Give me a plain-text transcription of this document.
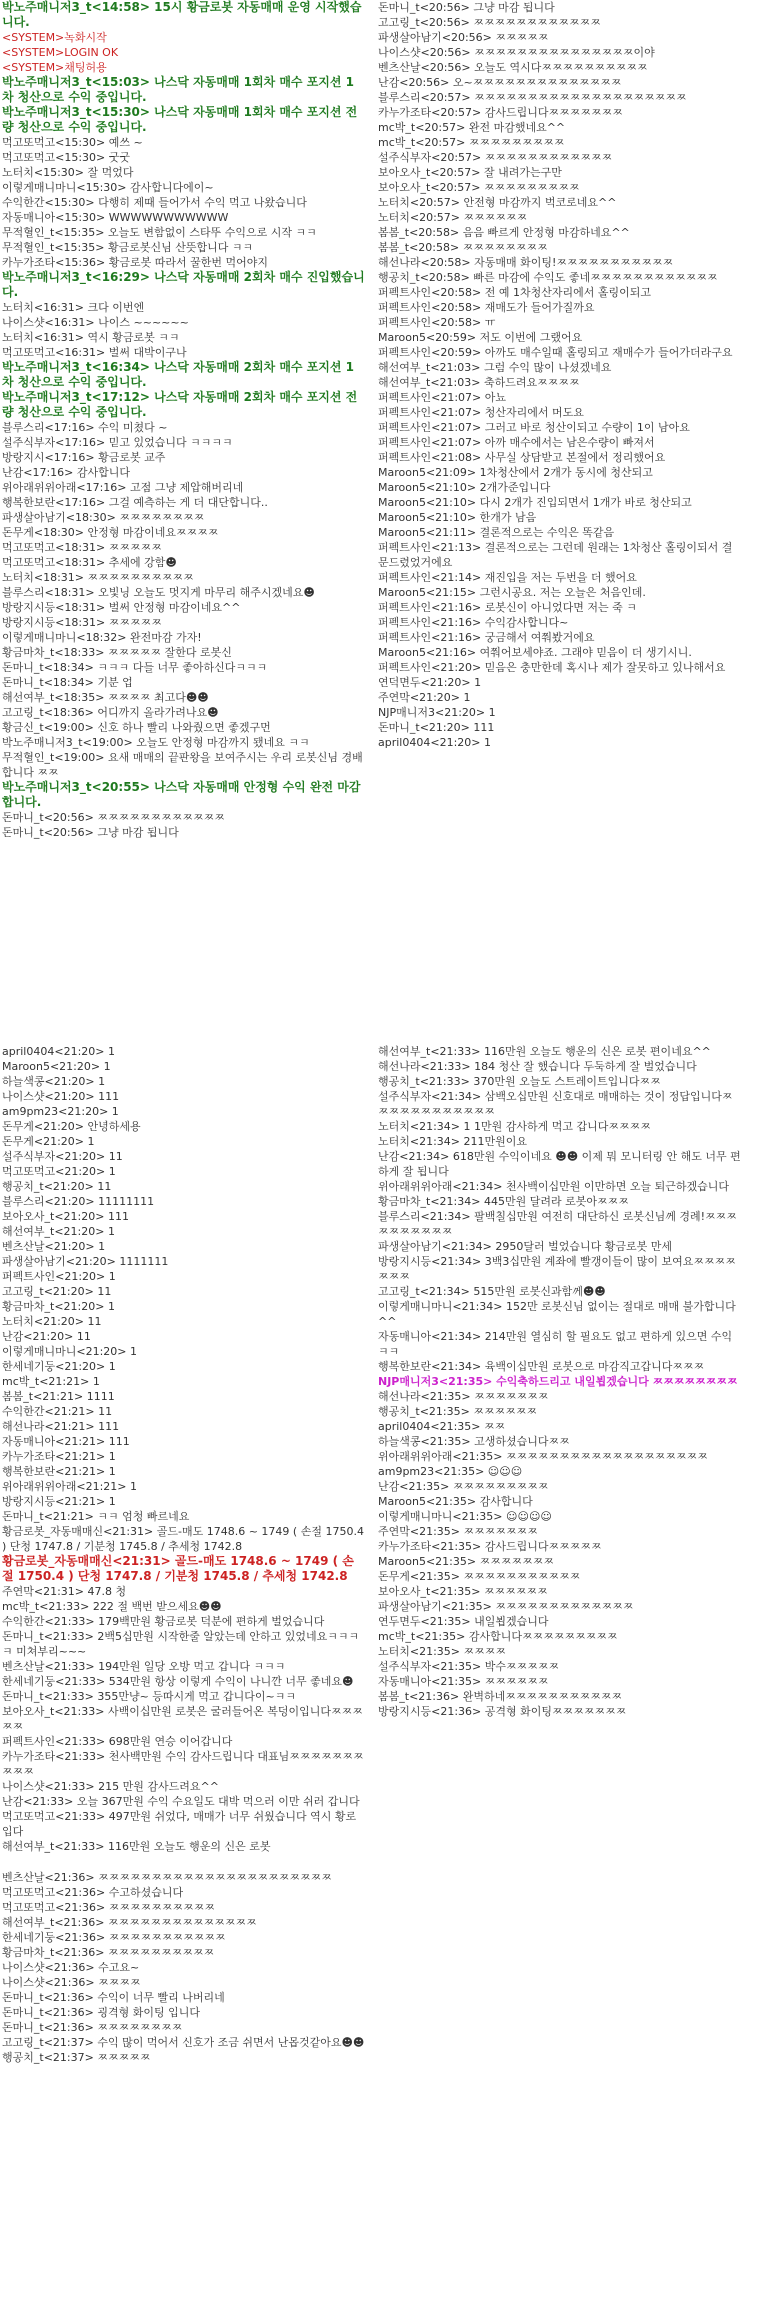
박노주매니저3_t<14:58> 15시 황금로봇 자동매매 운영 시작했습니다.
<SYSTEM>녹화시작
<SYSTEM>LOGIN OK
<SYSTEM>채팅허용
박노주매니저3_t<15:03> 나스닥 자동매매 1회차 매수 포지션 1차 청산으로 수익 중입니다.
박노주매니저3_t<15:30> 나스닥 자동매매 1회차 매수 포지션 전량 청산으로 수익 중입니다.
먹고또먹고<15:30> 예쓰 ~
먹고또먹고<15:30> 굿굿
노터치<15:30> 잘 먹었다
이렇게매니마니<15:30> 감사합니다에이~
수익한간<15:30> 다행히 제때 들어가서 수익 먹고 나왔습니다
자동매니아<15:30> WWWWWWWWWWW
무적혈인_t<15:35> 오늘도 변함없이 스타뚜 수익으로 시작 ㅋㅋ
무적혈인_t<15:35> 황금로봇신님 산뜻합니다 ㅋㅋ
카누가조타<15:36> 황금로봇 따라서 꿀한번 먹어야지
박노주매니저3_t<16:29> 나스닥 자동매매 2회차 매수 진입했습니다.
노터치<16:31> 크다 이번엔
나이스샷<16:31> 나이스 ~~~~~~
노터치<16:31> 역시 황금로봇 ㅋㅋ
먹고또먹고<16:31> 벌써 대박이구나
박노주매니저3_t<16:34> 나스닥 자동매매 2회차 매수 포지션 1차 청산으로 수익 중입니다.
박노주매니저3_t<17:12> 나스닥 자동매매 2회차 매수 포지션 전량 청산으로 수익 중입니다.
블루스리<17:16> 수익 미쳤다 ~
설주식부자<17:16> 믿고 있었습니다 ㅋㅋㅋㅋ
방랑지시<17:16> 황금로봇 교주
난감<17:16> 감사합니다
위아래위위아래<17:16> 고점 그냥 제압해버리네
행복한보란<17:16> 그걸 예측하는 게 더 대단합니다..
파생살아남기<18:30> ㅉㅉㅉㅉㅉㅉㅉㅉ
돈무게<18:30> 안정형 마감이네요ㅉㅉㅉㅉ
먹고또먹고<18:31> ㅉㅉㅉㅉㅉ
먹고또먹고<18:31> 추세에 강함☻
노터치<18:31> ㅉㅉㅉㅉㅉㅉㅉㅉㅉㅉ
블루스리<18:31> 오빛닝 오늘도 멋지게 마무리 해주시겠네요☻
방랑지시등<18:31> 벌써 안정형 마감이네요^^
방랑지시등<18:31> ㅉㅉㅉㅉㅉ
이렇게매니마니<18:32> 완전마감 가자!
황금마차_t<18:33> ㅉㅉㅉㅉㅉ 잘한다 로봇신
돈마니_t<18:34> ㅋㅋㅋ 다들 너무 좋아하신다ㅋㅋㅋ
돈마니_t<18:34> 기분 업
해선여부_t<18:35> ㅉㅉㅉㅉ 최고다☻☻
고고링_t<18:36> 어디까지 올라가려나요☻
황금신_t<19:00> 신호 하나 빨리 나와줬으면 좋겠구먼
박노주매니저3_t<19:00> 오늘도 안정형 마감까지 됐네요 ㅋㅋ
무적혈인_t<19:00> 요새 매매의 끝판왕을 보여주시는 우리 로봇신님 경배합니다 ㅉㅉ
박노주매니저3_t<20:55> 나스닥 자동매매 안정형 수익 완전 마감합니다.
돈마니_t<20:56> ㅉㅉㅉㅉㅉㅉㅉㅉㅉㅉㅉㅉ
돈마니_t<20:56> 그냥 마감 됩니다
돈마니_t<20:56> 그냥 마감 됩니다
고고링_t<20:56> ㅉㅉㅉㅉㅉㅉㅉㅉㅉㅉㅉㅉ
파생살아남기<20:56> ㅉㅉㅉㅉㅉ
나이스샷<20:56> ㅉㅉㅉㅉㅉㅉㅉㅉㅉㅉㅉㅉㅉㅉㅉ이야
벤츠산날<20:56> 오늘도 역시다ㅉㅉㅉㅉㅉㅉㅉㅉㅉㅉ
난감<20:56> 오~ㅉㅉㅉㅉㅉㅉㅉㅉㅉㅉㅉㅉㅉㅉ
블루스리<20:57> ㅉㅉㅉㅉㅉㅉㅉㅉㅉㅉㅉㅉㅉㅉㅉㅉㅉㅉㅉㅉ
카누가조타<20:57> 감사드립니다ㅉㅉㅉㅉㅉㅉㅉ
mc박_t<20:57> 완전 마감했네요^^
mc박_t<20:57> ㅉㅉㅉㅉㅉㅉㅉㅉㅉ
설주식부자<20:57> ㅉㅉㅉㅉㅉㅉㅉㅉㅉㅉㅉㅉ
보아오사_t<20:57> 잘 내려가는구만
보아오사_t<20:57> ㅉㅉㅉㅉㅉㅉㅉㅉㅉ
노터치<20:57> 안전형 마감까지 벅코로네요^^
노터치<20:57> ㅉㅉㅉㅉㅉㅉ
봄봄_t<20:58> 음음 빠르게 안정형 마감하네요^^
봄봄_t<20:58> ㅉㅉㅉㅉㅉㅉㅉㅉ
해선나라<20:58> 자동매매 화이팅!ㅉㅉㅉㅉㅉㅉㅉㅉㅉㅉㅉ
행공치_t<20:58> 빠른 마감에 수익도 좋네ㅉㅉㅉㅉㅉㅉㅉㅉㅉㅉㅉㅉ
퍼펙트사인<20:58> 전 예 1차청산자리에서 홀링이되고
퍼펙트사인<20:58> 재매도가 들어가질까요
퍼펙트사인<20:58> ㅠ
Maroon5<20:59> 저도 이번에 그랬어요
퍼펙트사인<20:59> 아까도 매수일때 홀링되고 재매수가 들어가더라구요
해선여부_t<21:03> 그럼 수익 많이 나셨겠네요
해선여부_t<21:03> 축하드려요ㅉㅉㅉㅉ
퍼펙트사인<21:07> 아뇨
퍼펙트사인<21:07> 청산자리에서 머도요
퍼펙트사인<21:07> 그러고 바로 청산이되고 수량이 1이 남아요
퍼펙트사인<21:07> 아까 매수에서는 남은수량이 빠져서
퍼펙트사인<21:08> 사무실 상담받고 본절에서 정리했어요
Maroon5<21:09> 1차청산에서 2개가 동시에 청산되고
Maroon5<21:10> 2개가준입니다
Maroon5<21:10> 다시 2개가 진입되면서 1개가 바로 청산되고
Maroon5<21:10> 한개가 남음
Maroon5<21:11> 결론적으로는 수익은 똑같음
퍼펙트사인<21:13> 결론적으로는 그런데 원래는 1차청산 홀링이되서 결문드렸었거에요
퍼펙트사인<21:14> 재진입을 저는 두번을 더 했어요
Maroon5<21:15> 그런시공요. 저는 오늘은 처음인데.
퍼펙트사인<21:16> 로봇신이 아니었다면 저는 죽 ㅋ
퍼펙트사인<21:16> 수익감사합니다~
퍼펙트사인<21:16> 궁금해서 여쭤봤거에요
Maroon5<21:16> 여쭤어보세야죠. 그래야 믿음이 더 생기시니.
퍼펙트사인<21:20> 믿음은 충만한데 혹시나 제가 잘못하고 있나해서요
연덕면두<21:20> 1
주연막<21:20> 1
NJP매니저3<21:20> 1
돈마니_t<21:20> 111
april0404<21:20> 1
april0404<21:20> 1
Maroon5<21:20> 1
하늘색콩<21:20> 1
나이스샷<21:20> 111
am9pm23<21:20> 1
돈무게<21:20> 안녕하세용
돈무게<21:20> 1
설주식부자<21:20> 11
먹고또먹고<21:20> 1
행공치_t<21:20> 11
블루스리<21:20> 11111111
보아오사_t<21:20> 111
해선여부_t<21:20> 1
벤츠산날<21:20> 1
파생살아남기<21:20> 1111111
퍼펙트사인<21:20> 1
고고링_t<21:20> 11
황금마차_t<21:20> 1
노터치<21:20> 11
난감<21:20> 11
이렇게매니마니<21:20> 1
한세네기둥<21:20> 1
mc박_t<21:21> 1
봄봄_t<21:21> 1111
수익한간<21:21> 11
해선나라<21:21> 111
자동매니아<21:21> 111
카누가조타<21:21> 1
행복한보란<21:21> 1
위아래위위아래<21:21> 1
방랑지시등<21:21> 1
돈마니_t<21:21> ㅋㅋ 엄청 빠르네요
황금로봇_자동매매신<21:31> 골드-매도 1748.6 ~ 1749 ( 손절 1750.4 ) 단청 1747.8 / 기분청 1745.8 / 추세청 1742.8
황금로봇_자동매매신<21:31> 골드-매도 1748.6 ~ 1749 ( 손절 1750.4 ) 단청 1747.8 / 기분청 1745.8 / 추세청 1742.8
주연막<21:31> 47.8 청
mc박_t<21:33> 222 절 백번 받으세요☻☻
수익한간<21:33> 179백만원 황금로봇 덕분에 편하게 벌었습니다
돈마니_t<21:33> 2백5십만원 시작한줄 알았는데 안하고 있었네요ㅋㅋㅋㅋ 미쳐부리~~~
벤츠산날<21:33> 194만원 일당 오방 먹고 갑니다 ㅋㅋㅋ
한세네기둥<21:33> 534만원 항상 이렇게 수익이 나니깐 너무 좋네요☻
돈마니_t<21:33> 355만냥~ 등따시게 먹고 갑니다이~ㅋㅋ
보아오사_t<21:33> 사백이십만원 로봇은 굴러들어온 복덩이입니다ㅉㅉㅉㅉㅉ
퍼펙트사인<21:33> 698만원 연승 이어갑니다
카누가조타<21:33> 천사백만원 수익 감사드립니다 대표님ㅉㅉㅉㅉㅉㅉㅉㅉㅉㅉ
나이스샷<21:33> 215 만원 감사드려요^^
난감<21:33> 오늘 367만원 수익 수요일도 대박 먹으러 이만 쉬러 갑니다
먹고또먹고<21:33> 497만원 쉬었다, 매매가 너무 쉬웠습니다 역시 황로입다
해선여부_t<21:33> 116만원 오늘도 행운의 신은 로봇
벤츠산날<21:36> ㅉㅉㅉㅉㅉㅉㅉㅉㅉㅉㅉㅉㅉㅉㅉㅉㅉㅉㅉㅉㅉㅉ
먹고또먹고<21:36> 수고하셨습니다
먹고또먹고<21:36> ㅉㅉㅉㅉㅉㅉㅉㅉㅉㅉ
해선여부_t<21:36> ㅉㅉㅉㅉㅉㅉㅉㅉㅉㅉㅉㅉㅉㅉ
한세네기둥<21:36> ㅉㅉㅉㅉㅉㅉㅉㅉㅉㅉㅉ
황금마차_t<21:36> ㅉㅉㅉㅉㅉㅉㅉㅉㅉㅉ
나이스샷<21:36> 수고요~
나이스샷<21:36> ㅉㅉㅉㅉ
돈마니_t<21:36> 수익이 너무 빨리 나버리네
돈마니_t<21:36> 굉격형 화이팅 입니다
돈마니_t<21:36> ㅉㅉㅉㅉㅉㅉㅉㅉ
고고링_t<21:37> 수익 많이 먹어서 신호가 조금 쉬면서 난몹것같아요☻☻
행공치_t<21:37> ㅉㅉㅉㅉㅉ
해선여부_t<21:33> 116만원 오늘도 행운의 신은 로봇 편이네요^^
해선나라<21:33> 184 청산 잘 했습니다 두둑하게 잘 벌었습니다
행공치_t<21:33> 370만원 오늘도 스트레이트입니다ㅉㅉ
설주식부자<21:34> 삼백오십만원 신호대로 매매하는 것이 정답입니다ㅉㅉㅉㅉㅉㅉㅉㅉㅉㅉㅉㅉ
노터치<21:34> 1 1만원 감사하게 먹고 갑니다ㅉㅉㅉㅉ
노터치<21:34> 211만원이요
난감<21:34> 618만원 수익이네요 ☻☻ 이제 뭐 모니터링 안 해도 너무 편하게 잘 됩니다
위아래위위아래<21:34> 천사백이십만원 이만하면 오늘 퇴근하겠습니다
황금마차_t<21:34> 445만원 달려라 로봇아ㅉㅉㅉ
블루스리<21:34> 팔백칠십만원 여전히 대단하신 로봇신님께 경례!ㅉㅉㅉㅉㅉㅉㅉㅉㅉㅉ
파생살아남기<21:34> 2950달러 벌었습니다 황금로봇 만세
방랑지시등<21:34> 3백3십만원 계좌에 빨갱이들이 많이 보여요ㅉㅉㅉㅉㅉㅉㅉ
고고링_t<21:34> 515만원 로봇신과함께☻☻
이렇게매니마니<21:34> 152만 로봇신님 없이는 절대로 매매 불가합니다^^
자동매니아<21:34> 214만원 열심히 할 필요도 없고 편하게 있으면 수익ㅋㅋ
행복한보란<21:34> 육백이십만원 로봇으로 마감직고갑니다ㅉㅉㅉ
NJP매니저3<21:35> 수익축하드리고 내일뵙겠습니다 ㅉㅉㅉㅉㅉㅉㅉㅉ
해선나라<21:35> ㅉㅉㅉㅉㅉㅉㅉ
행공치_t<21:35> ㅉㅉㅉㅉㅉㅉ
april0404<21:35> ㅉㅉ
하늘색콩<21:35> 고생하셨습니다ㅉㅉ
위아래위위아래<21:35> ㅉㅉㅉㅉㅉㅉㅉㅉㅉㅉㅉㅉㅉㅉㅉㅉㅉㅉㅉ
am9pm23<21:35> ☺☺☺
난감<21:35> ㅉㅉㅉㅉㅉㅉㅉㅉㅉ
Maroon5<21:35> 감사합니다
이렇게매니마니<21:35> ☺☺☺☺
주연막<21:35> ㅉㅉㅉㅉㅉㅉㅉ
카누가조타<21:35> 감사드립니다ㅉㅉㅉㅉㅉ
Maroon5<21:35> ㅉㅉㅉㅉㅉㅉㅉ
돈무게<21:35> ㅉㅉㅉㅉㅉㅉㅉㅉㅉㅉㅉ
보아오사_t<21:35> ㅉㅉㅉㅉㅉㅉ
파생살아남기<21:35> ㅉㅉㅉㅉㅉㅉㅉㅉㅉㅉㅉㅉㅉ
연두면두<21:35> 내일뵙겠습니다
mc박_t<21:35> 감사합니다ㅉㅉㅉㅉㅉㅉㅉㅉㅉ
노터치<21:35> ㅉㅉㅉㅉ
설주식부자<21:35> 박수ㅉㅉㅉㅉㅉ
자동매니아<21:35> ㅉㅉㅉㅉㅉㅉ
봄봄_t<21:36> 완벽하네ㅉㅉㅉㅉㅉㅉㅉㅉㅉㅉㅉ
방랑지시등<21:36> 공격형 화이팅ㅉㅉㅉㅉㅉㅉㅉ
